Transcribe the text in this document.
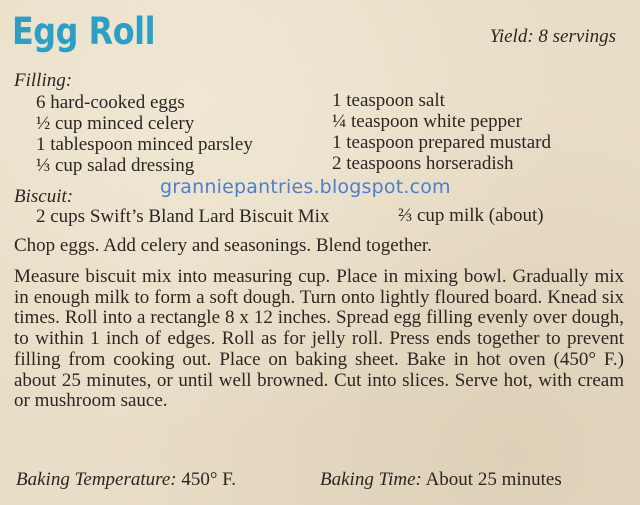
Egg Roll	Yield: 8 servings
Filling:
6 hard-cooked eggs
½ cup minced celery
1 tablespoon minced parsley
⅓ cup salad dressing
1 teaspoon salt
¼ teaspoon white pepper
1 teaspoon prepared mustard
2 teaspoons horseradish
granniepantries.blogspot.com
Biscuit:
2 cups Swift’s Bland Lard Biscuit Mix	⅔ cup milk (about)
Chop eggs. Add celery and seasonings. Blend together.
Measure biscuit mix into measuring cup. Place in mixing bowl. Gradually mix in enough milk to form a soft dough. Turn onto lightly floured board. Knead six times. Roll into a rectangle 8 x 12 inches. Spread egg filling evenly over dough, to within 1 inch of edges. Roll as for jelly roll. Press ends together to prevent filling from cooking out. Place on baking sheet. Bake in hot oven (450° F.) about 25 minutes, or until well browned. Cut into slices. Serve hot, with cream or mushroom sauce.
Baking Temperature: 450° F.	Baking Time: About 25 minutes
